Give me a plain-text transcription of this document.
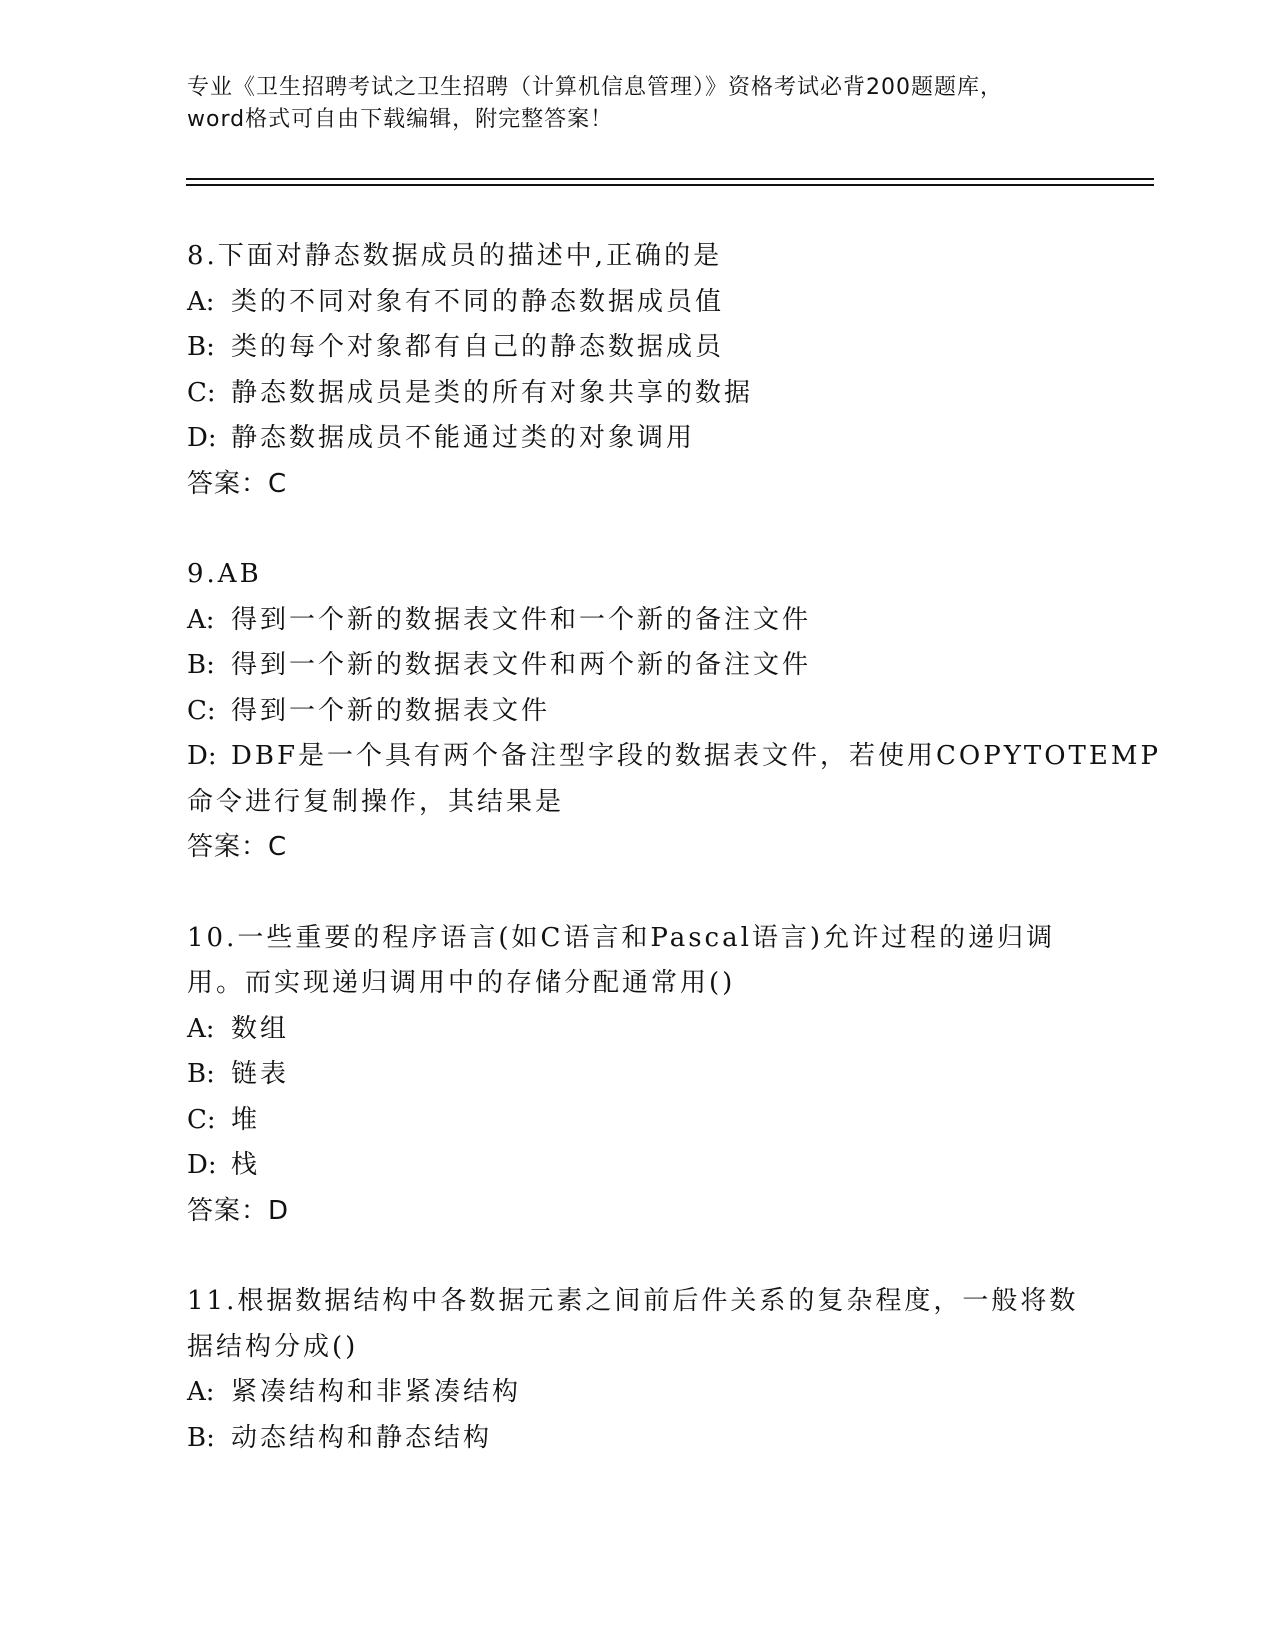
专业《卫生招聘考试之卫生招聘（计算机信息管理）》资格考试必背200题题库，
word格式可自由下载编辑，附完整答案！
8.下面对静态数据成员的描述中,正确的是
A: 类的不同对象有不同的静态数据成员值
B: 类的每个对象都有自己的静态数据成员
C: 静态数据成员是类的所有对象共享的数据
D: 静态数据成员不能通过类的对象调用
答案：C
9.AB
A: 得到一个新的数据表文件和一个新的备注文件
B: 得到一个新的数据表文件和两个新的备注文件
C: 得到一个新的数据表文件
D: DBF是一个具有两个备注型字段的数据表文件，若使用COPYTOTEMP
命令进行复制操作，其结果是
答案：C
10.一些重要的程序语言(如C语言和Pascal语言)允许过程的递归调
用。而实现递归调用中的存储分配通常用()
A: 数组
B: 链表
C: 堆
D: 栈
答案：D
11.根据数据结构中各数据元素之间前后件关系的复杂程度，一般将数
据结构分成()
A: 紧凑结构和非紧凑结构
B: 动态结构和静态结构
